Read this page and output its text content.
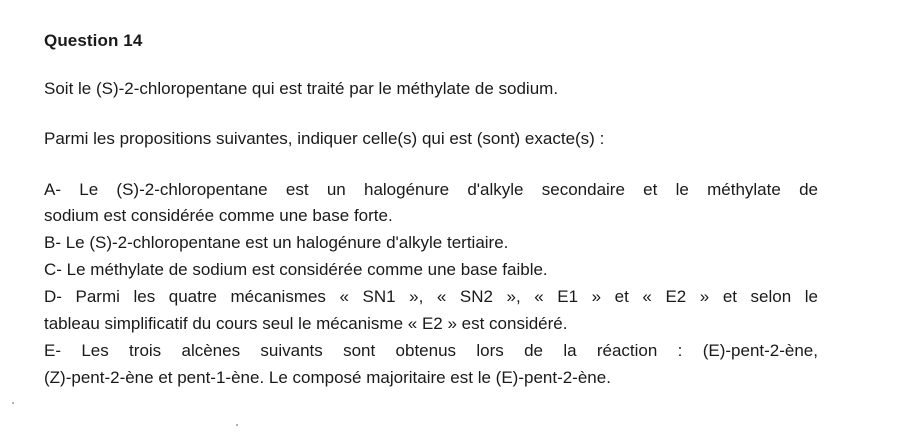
Question 14
Soit le (S)-2-chloropentane qui est traité par le méthylate de sodium.
Parmi les propositions suivantes, indiquer celle(s) qui est (sont) exacte(s) :
A- Le (S)-2-chloropentane est un halogénure d'alkyle secondaire et le méthylate de
sodium est considérée comme une base forte.
B- Le (S)-2-chloropentane est un halogénure d'alkyle tertiaire.
C- Le méthylate de sodium est considérée comme une base faible.
D- Parmi les quatre mécanismes « SN1 », « SN2 », « E1 » et « E2 » et selon le
tableau simplificatif du cours seul le mécanisme « E2 » est considéré.
E- Les trois alcènes suivants sont obtenus lors de la réaction : (E)-pent-2-ène,
(Z)-pent-2-ène et pent-1-ène. Le composé majoritaire est le (E)-pent-2-ène.
